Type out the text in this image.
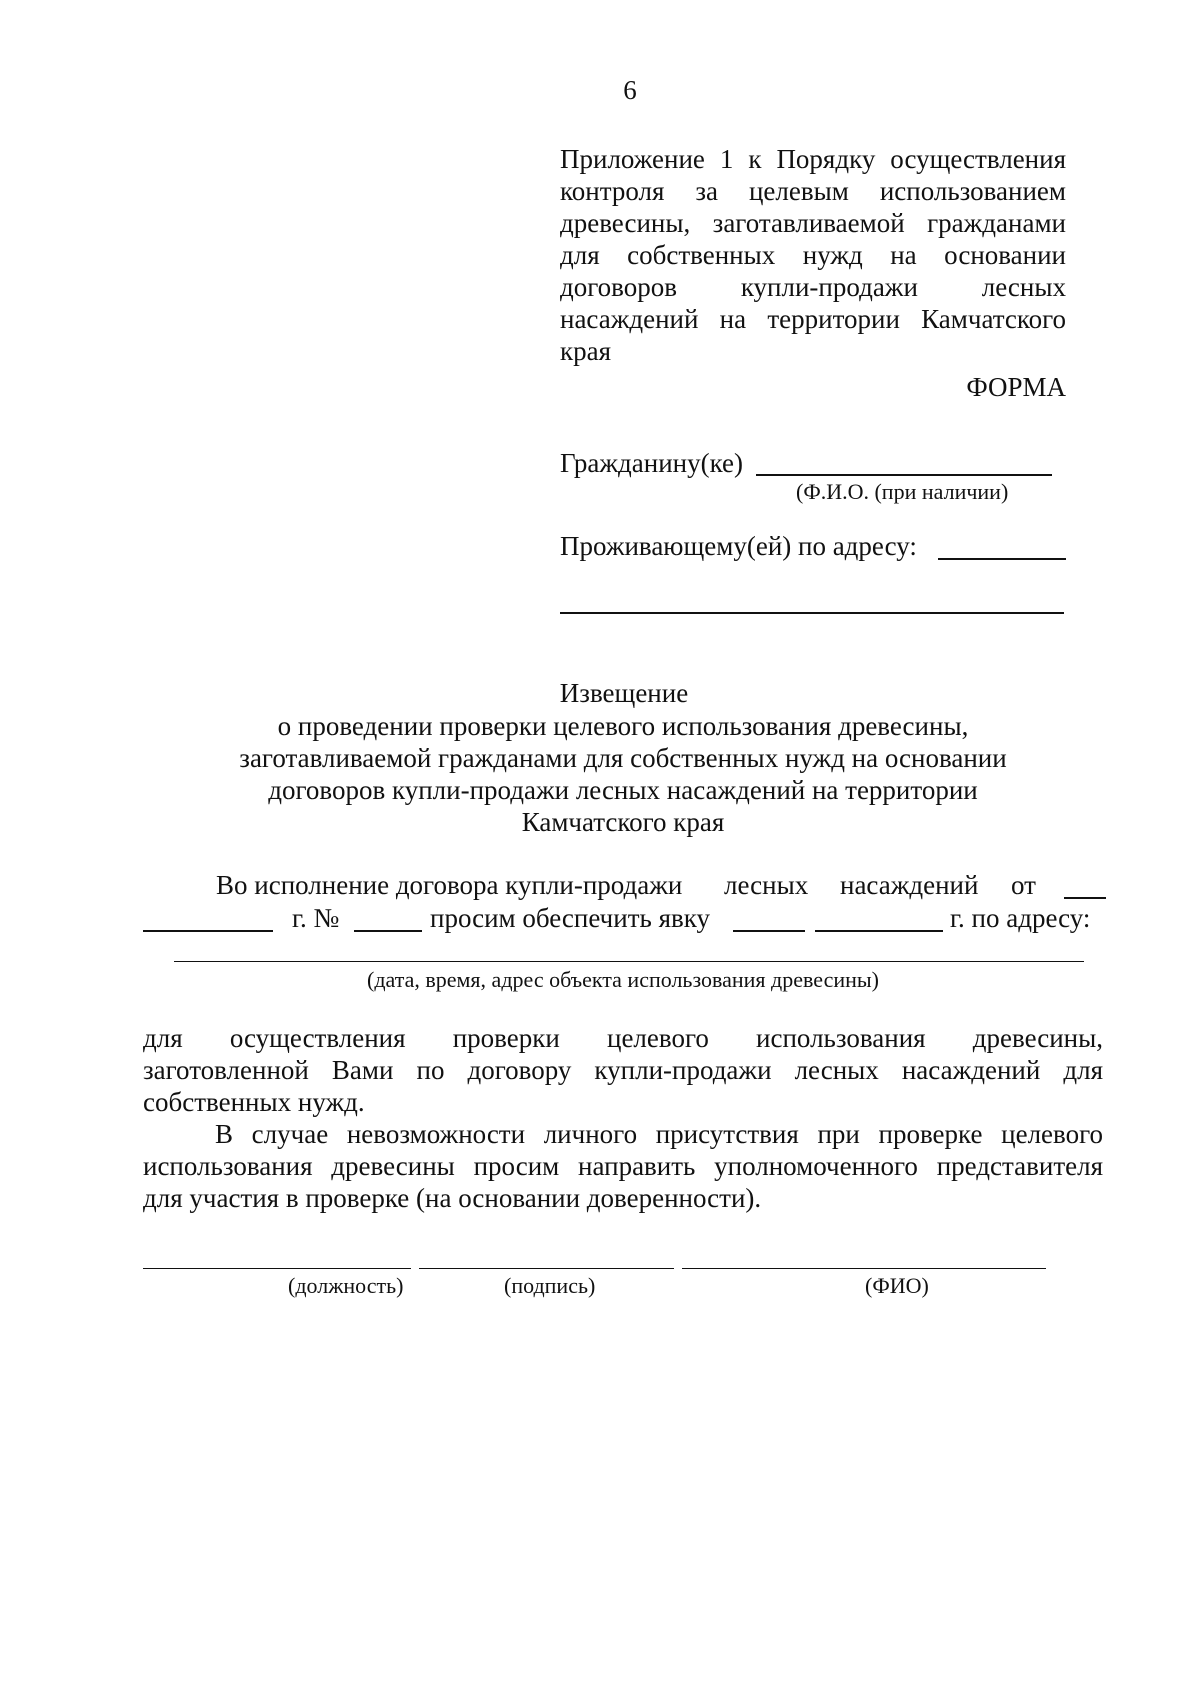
6
Приложение 1 к Порядку осуществления
контроля за целевым использованием
древесины, заготавливаемой гражданами
для собственных нужд на основании
договоров купли-продажи лесных
насаждений на территории Камчатского
края
ФОРМА
Гражданину(ке)
(Ф.И.О. (при наличии)
Проживающему(ей) по адресу:
Извещение
о проведении проверки целевого использования древесины,
заготавливаемой гражданами для собственных нужд на основании
договоров купли-продажи лесных насаждений на территории
Камчатского края
Во исполнение договора купли-продажи лесных насаждений от
г. №	просим обеспечить явку	г. по адресу:
(дата, время, адрес объекта использования древесины)
для осуществления проверки целевого использования древесины,
заготовленной Вами по договору купли-продажи лесных насаждений для
собственных нужд.
В случае невозможности личного присутствия при проверке целевого
использования древесины просим направить уполномоченного представителя
для участия в проверке (на основании доверенности).
(должность)	(подпись)	(ФИО)
